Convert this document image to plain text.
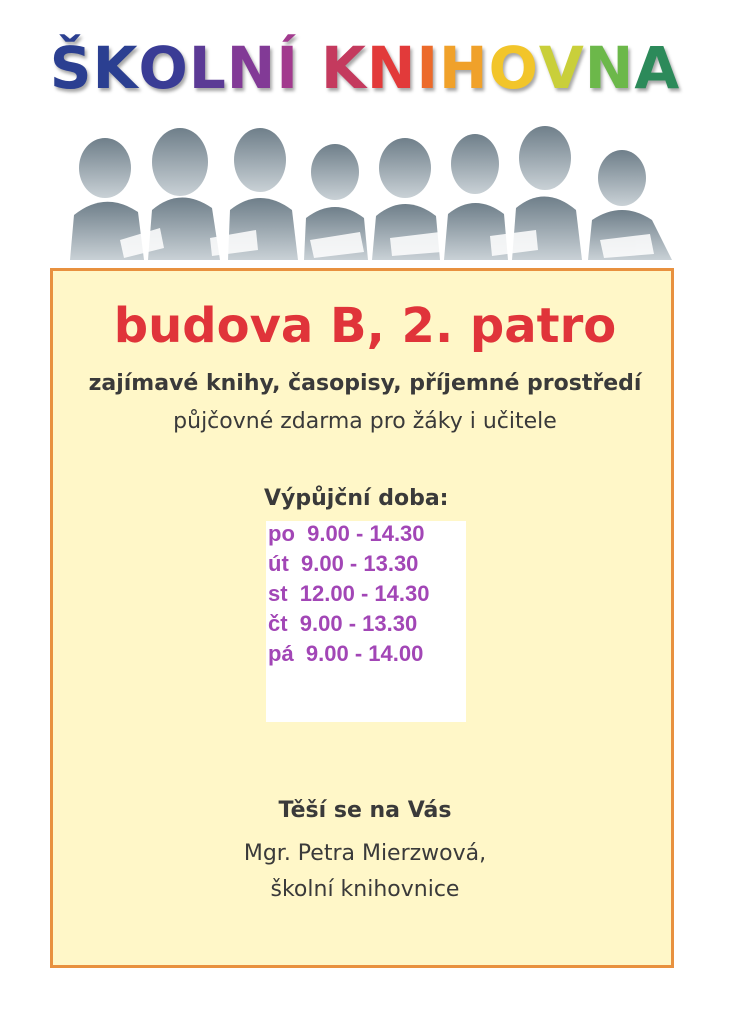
ŠKOLNÍ KNIHOVNA
budova B, 2. patro
zajímavé knihy, časopisy, příjemné prostředí
půjčovné zdarma pro žáky i učitele
Výpůjční doba:
po  9.00 - 14.30
út  9.00 - 13.30
st  12.00 - 14.30
čt  9.00 - 13.30
pá  9.00 - 14.00
Těší se na Vás
Mgr. Petra Mierzwová,
školní knihovnice
